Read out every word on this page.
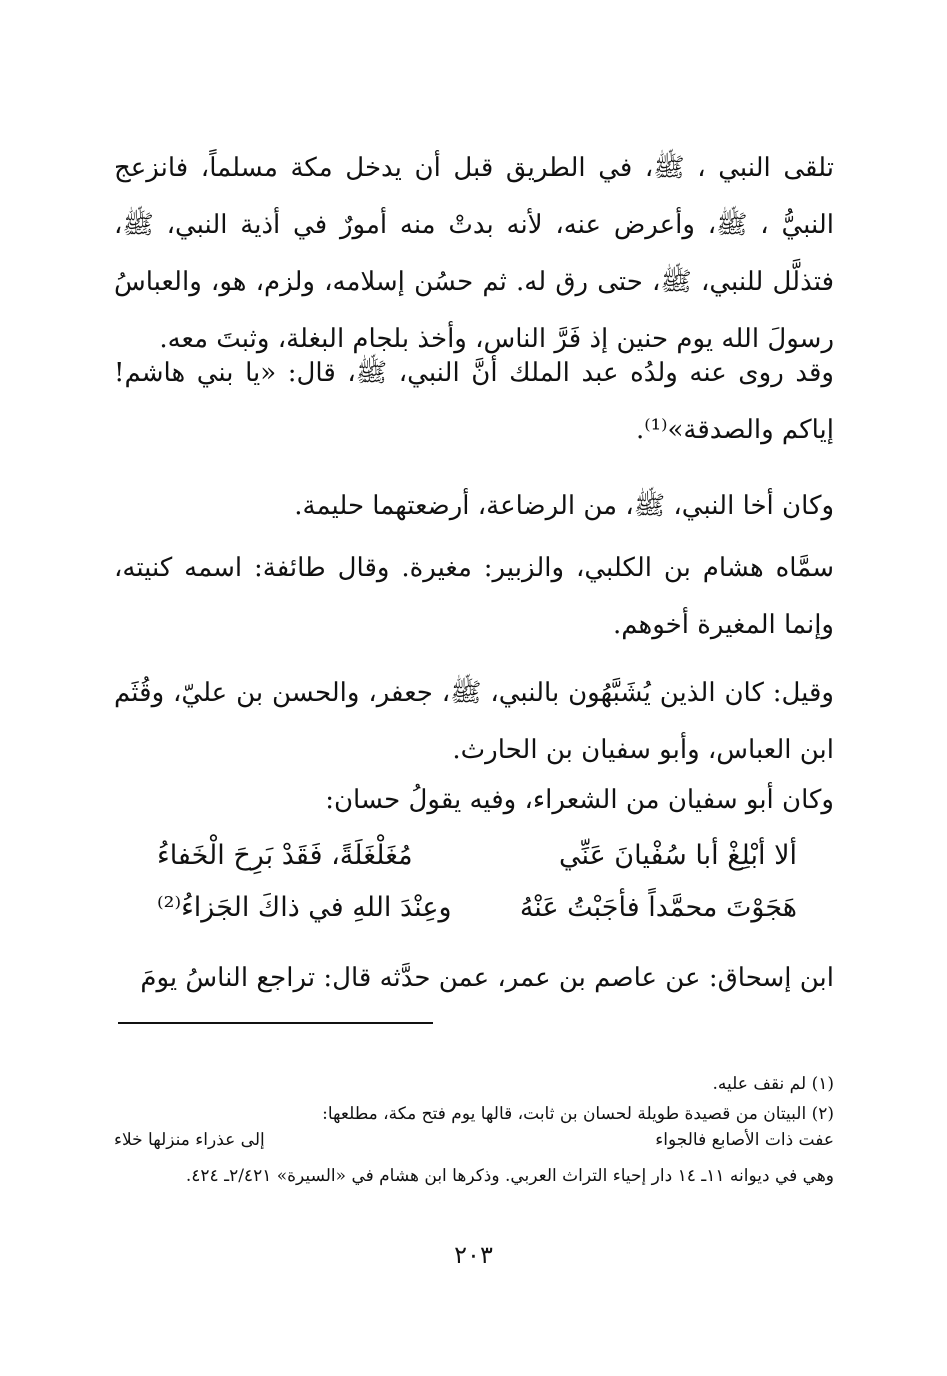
تلقى النبي ، ﷺ، في الطريق قبل أن يدخل مكة مسلماً، فانزعج النبيُّ ، ﷺ، وأعرض عنه، لأنه بدتْ منه أمورٌ في أذية النبي، ﷺ، فتذلَّل للنبي، ﷺ، حتى رق له. ثم حسُن إسلامه، ولزم، هو، والعباسُ رسولَ الله يوم حنين إذ فَرَّ الناس، وأخذ بلجام البغلة، وثبتَ معه.

وقد روى عنه ولدُه عبد الملك أنَّ النبي، ﷺ، قال: «يا بني هاشم! إياكم والصدقة»⁽¹⁾.

وكان أخا النبي، ﷺ، من الرضاعة، أرضعتهما حليمة.

سمَّاه هشام بن الكلبي، والزبير: مغيرة. وقال طائفة: اسمه كنيته، وإنما المغيرة أخوهم.

وقيل: كان الذين يُشَبَّهُون بالنبي، ﷺ، جعفر، والحسن بن عليّ، وقُثَم ابن العباس، وأبو سفيان بن الحارث.

وكان أبو سفيان من الشعراء، وفيه يقولُ حسان:

ألا أبْلِغْ أبا سُفْيانَ عَنِّي
مُغَلْغَلَةً، فَقَدْ بَرِحَ الْخَفاءُ
هَجَوْتَ محمَّداً فأجَبْتُ عَنْهُ
وعِنْدَ اللهِ في ذاكَ الجَزاءُ⁽²⁾

ابن إسحاق: عن عاصم بن عمر، عمن حدَّثه قال: تراجع الناسُ يومَ

(١) لم نقف عليه.
(٢) البيتان من قصيدة طويلة لحسان بن ثابت، قالها يوم فتح مكة، مطلعها:
عفت ذات الأصابع فالجواء
إلى عذراء منزلها خلاء
وهي في ديوانه ١١ـ ١٤ دار إحياء التراث العربي. وذكرها ابن هشام في «السيرة» ٢/٤٢١ـ ٤٢٤.
٢٠٣
